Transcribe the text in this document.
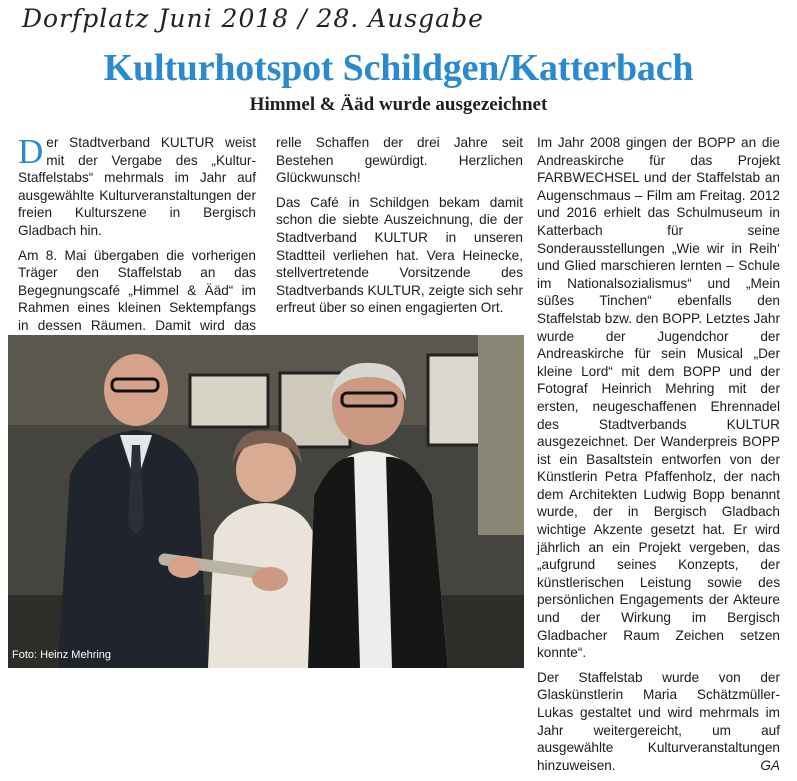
Dorfplatz Juni 2018 / 28. Ausgabe
Kulturhotspot Schildgen/Katterbach
Himmel & Ääd wurde ausgezeichnet

Der Stadtverband KULTUR weist mit der Vergabe des „Kultur-Staffelstabs“ mehrmals im Jahr auf ausgewählte Kulturveranstaltungen der freien Kulturszene in Bergisch Gladbach hin.

Am 8. Mai übergaben die vorherigen Träger den Staffelstab an das Begegnungscafé „Himmel & Ääd“ im Rahmen eines kleinen Sektempfangs in dessen Räumen. Damit wird das

relle Schaffen der drei Jahre seit Bestehen gewürdigt. Herzlichen Glückwunsch!

Das Café in Schildgen bekam damit schon die siebte Auszeichnung, die der Stadtverband KULTUR in unseren Stadtteil verliehen hat. Vera Heinecke, stellvertretende Vorsitzende des Stadtverbands KULTUR, zeigte sich sehr erfreut über so einen engagierten Ort.

Im Jahr 2008 gingen der BOPP an die Andreaskirche für das Projekt FARBWECHSEL und der Staffelstab an Augenschmaus – Film am Freitag. 2012 und 2016 erhielt das Schulmuseum in Katterbach für seine Sonderausstellungen „Wie wir in Reih‘ und Glied marschieren lernten – Schule im Nationalsozialismus“ und „Mein süßes Tinchen“ ebenfalls den Staffelstab bzw. den BOPP. Letztes Jahr wurde der Jugendchor der Andreaskirche für sein Musical „Der kleine Lord“ mit dem BOPP und der Fotograf Heinrich Mehring mit der ersten, neugeschaffenen Ehrennadel des Stadtverbands KULTUR ausgezeichnet. Der Wanderpreis BOPP ist ein Basaltstein entworfen von der Künstlerin Petra Pfaffenholz, der nach dem Architekten Ludwig Bopp benannt wurde, der in Bergisch Gladbach wichtige Akzente gesetzt hat. Er wird jährlich an ein Projekt vergeben, das „aufgrund seines Konzepts, der künstlerischen Leistung sowie des persönlichen Engagements der Akteure und der Wirkung im Bergisch Gladbacher Raum Zeichen setzen konnte“.

Der Staffelstab wurde von der Glaskünstlerin Maria Schätzmüller-Lukas gestaltet und wird mehrmals im Jahr weitergereicht, um auf ausgewählte Kulturveranstaltungen hinzuweisen.	GA

Foto: Heinz Mehring
